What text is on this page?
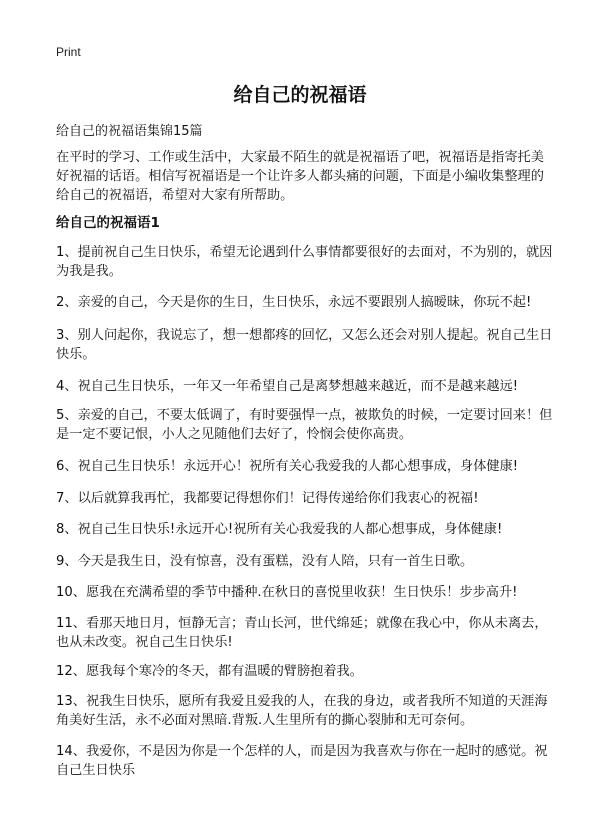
Print
给自己的祝福语
给自己的祝福语集锦15篇
在平时的学习、工作或生活中，大家最不陌生的就是祝福语了吧，祝福语是指寄托美好祝福的话语。相信写祝福语是一个让许多人都头痛的问题，下面是小编收集整理的给自己的祝福语，希望对大家有所帮助。
给自己的祝福语1
1、提前祝自己生日快乐，希望无论遇到什么事情都要很好的去面对，不为别的，就因为我是我。
2、亲爱的自己，今天是你的生日，生日快乐，永远不要跟别人搞暧昧，你玩不起!
3、别人问起你，我说忘了，想一想都疼的回忆，又怎么还会对别人提起。祝自己生日快乐。
4、祝自己生日快乐，一年又一年希望自己是离梦想越来越近，而不是越来越远!
5、亲爱的自己，不要太低调了，有时要强悍一点，被欺负的时候，一定要讨回来！但是一定不要记恨，小人之见随他们去好了，怜悯会使你高贵。
6、祝自己生日快乐！永远开心！祝所有关心我爱我的人都心想事成，身体健康!
7、以后就算我再忙，我都要记得想你们！记得传递给你们我衷心的祝福!
8、祝自己生日快乐!永远开心!祝所有关心我爱我的人都心想事成，身体健康!
9、今天是我生日，没有惊喜，没有蛋糕，没有人陪，只有一首生日歌。
10、愿我在充满希望的季节中播种.在秋日的喜悦里收获！生日快乐！步步高升!
11、看那天地日月，恒静无言；青山长河，世代绵延；就像在我心中，你从未离去，也从未改变。祝自己生日快乐!
12、愿我每个寒冷的冬天，都有温暖的臂膀抱着我。
13、祝我生日快乐，愿所有我爱且爱我的人，在我的身边，或者我所不知道的天涯海角美好生活，永不必面对黑暗.背叛.人生里所有的撕心裂肺和无可奈何。
14、我爱你，不是因为你是一个怎样的人，而是因为我喜欢与你在一起时的感觉。祝自己生日快乐
